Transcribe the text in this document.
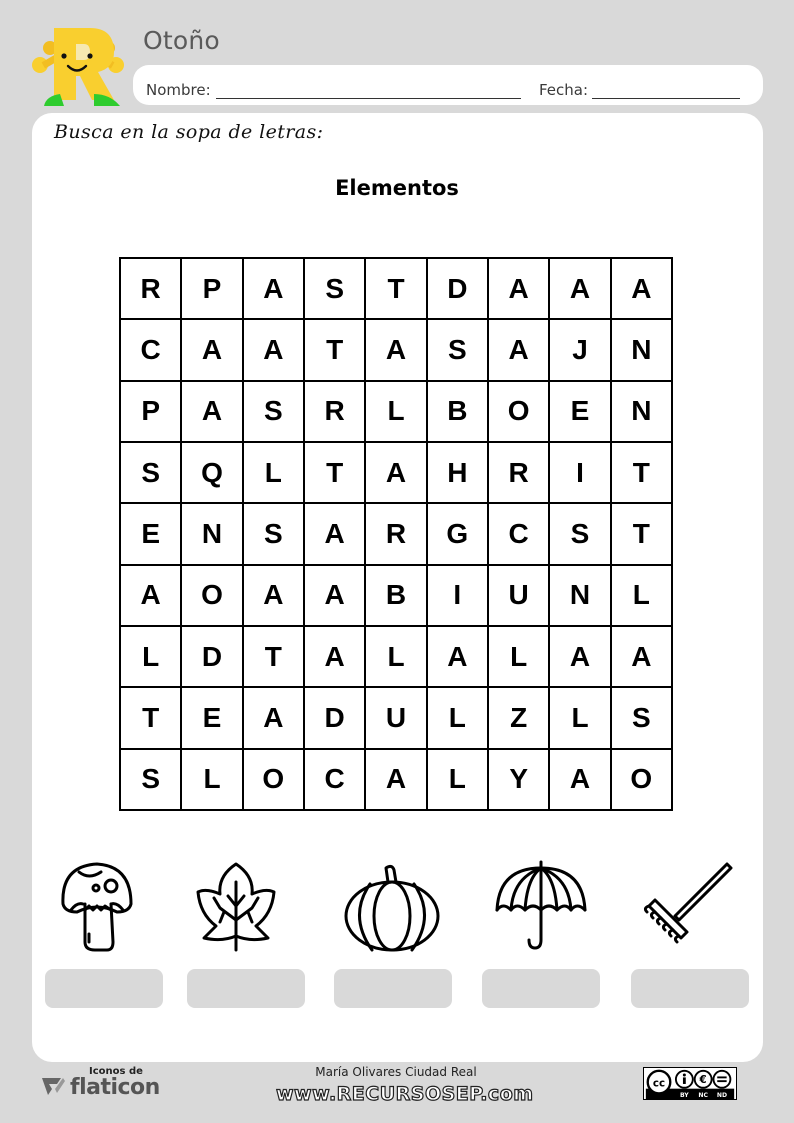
Otoño
Nombre:	Fecha:
Busca en la sopa de letras:
Elementos
R	P	A	S	T	D	A	A	A
C	A	A	T	A	S	A	J	N
P	A	S	R	L	B	O	E	N
S	Q	L	T	A	H	R	I	T
E	N	S	A	R	G	C	S	T
A	O	A	A	B	I	U	N	L
L	D	T	A	L	A	L	A	A
T	E	A	D	U	L	Z	L	S
S	L	O	C	A	L	Y	A	O
Iconos de
flaticon
María Olivares Ciudad Real
www.RECURSOSEP.com	cc	€
BY NC ND
